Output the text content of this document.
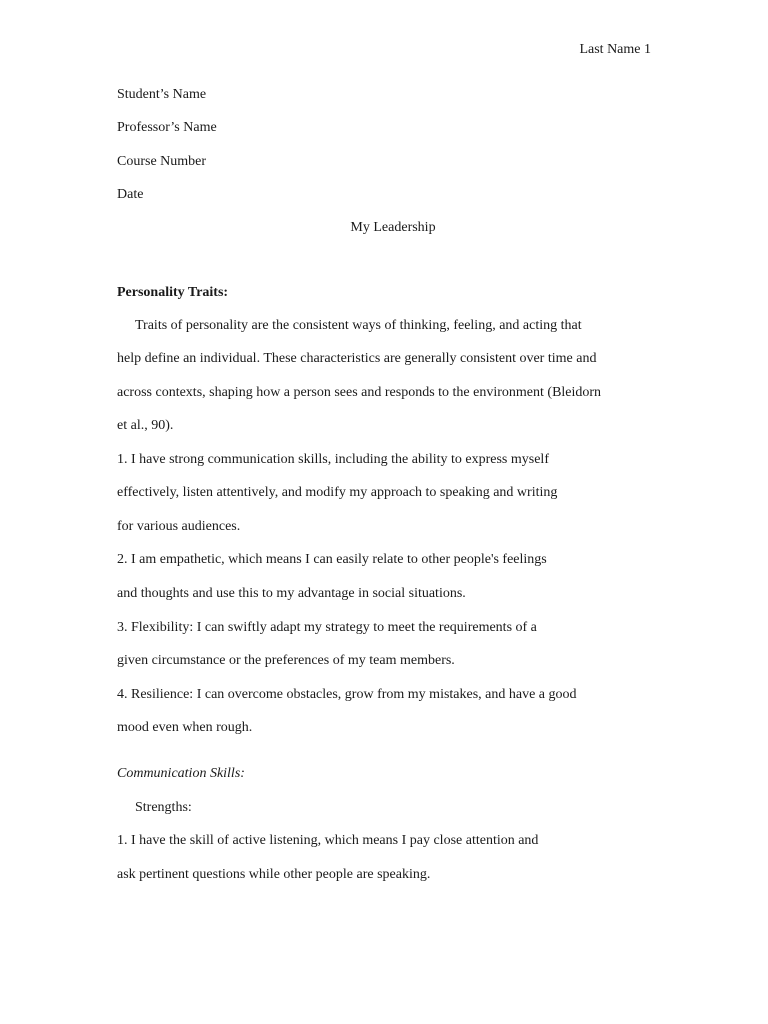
Last Name 1
Student’s Name
Professor’s Name
Course Number
Date
My Leadership
Personality Traits:
Traits of personality are the consistent ways of thinking, feeling, and acting that
help define an individual. These characteristics are generally consistent over time and
across contexts, shaping how a person sees and responds to the environment (Bleidorn
et al., 90).
1. I have strong communication skills, including the ability to express myself
effectively, listen attentively, and modify my approach to speaking and writing
for various audiences.
2. I am empathetic, which means I can easily relate to other people's feelings
and thoughts and use this to my advantage in social situations.
3. Flexibility: I can swiftly adapt my strategy to meet the requirements of a
given circumstance or the preferences of my team members.
4. Resilience: I can overcome obstacles, grow from my mistakes, and have a good
mood even when rough.
Communication Skills:
Strengths:
1. I have the skill of active listening, which means I pay close attention and
ask pertinent questions while other people are speaking.
